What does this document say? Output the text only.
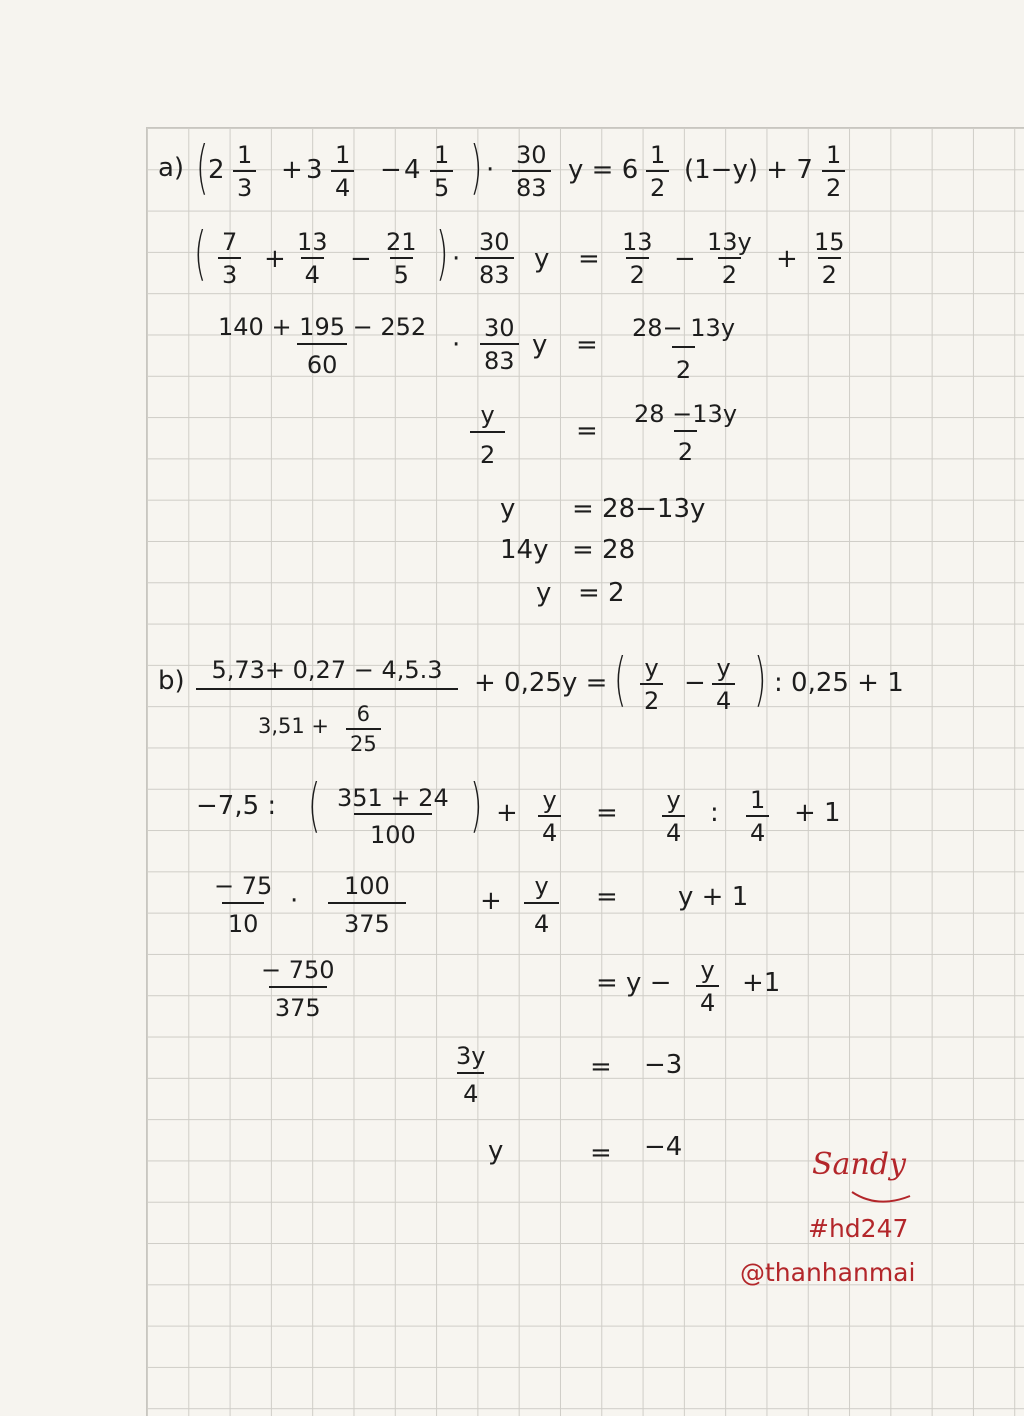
a) ( $2 \frac{1}{3} + 3 \frac{1}{4} - 4 \frac{1}{5}$ ) · $\frac{30}{83}$ $y = 6 \frac{1}{2} (1-y) + 7 \frac{1}{2}$
( $\frac{7}{3} + \frac{13}{4} - \frac{21}{5}$ ) · $\frac{30}{83}$ $y = \frac{13}{2} - \frac{13y}{2} + \frac{15}{2}$
$\frac{140 + 195 - 252}{60} \cdot \frac{30}{83}$ $y = \frac{28- 13y}{2}$
$\frac{y}{2}$	= $\frac{28 -13y}{2}$
y = 28−13y
14y = 28
y = 2
b)	5,73+ 0,27 − 4,5.3
$3,51 + \frac{6}{25}$
+ 0,25y = ( $\frac{y}{2} - \frac{y}{4}$ ) : 0,25 + 1
−7,5 : ( $\frac{351 + 24}{100}$ ) + $\frac{y}{4} = \frac{y}{4}$ : $\frac{1}{4} + 1$
$\frac{- 75}{10} \cdot \frac{100}{375}$	+ $\frac{y}{4} = y + 1$
$\frac{- 750}{375}$	= $y - \frac{y}{4} +1$
$\frac{3y}{4}$	= −3
y	= −4	Sandy
#hd247
@thanhanmai
